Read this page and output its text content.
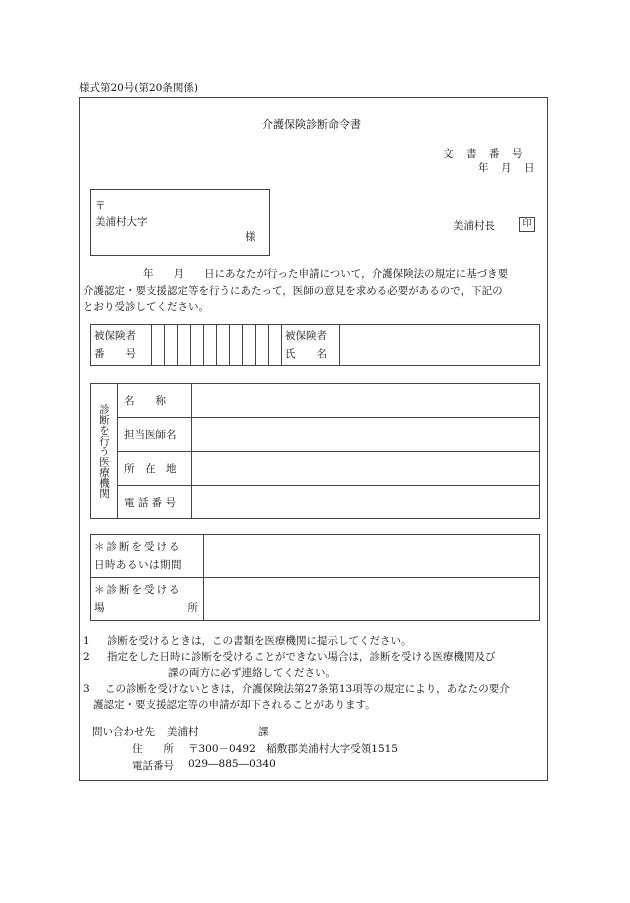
様式第20号(第20条関係)
介護保険診断命令書
文　書　番　号
年　月　日
〒
美浦村大字
様
美浦村長	印
年 月 日にあなたが行った申請について，介護保険法の規定に基づき要
介護認定・要支援認定等を行うにあたって，医師の意見を求める必要があるので，下記の
とおり受診してください。
被保険者
番　　号

被保険者
氏　　名

診断を行う医療機関	名　　称	
	担当医師名	
	所　在　地	
	電 話 番 号	
＊診断を受ける
日時あるいは期間	

＊診断を受ける
場 所	

1	診断を受けるときは，この書類を医療機関に提示してください。
2	指定をした日時に診断を受けることができない場合は，診断を受ける医療機関及び
課の両方に必ず連絡してください。
3	この診断を受けないときは，介護保険法第27条第13項等の規定により，あなたの要介
護認定・要支援認定等の申請が却下されることがあります。
問い合わせ先 美浦村	課
住　　所 〒300－0492　稲敷郡美浦村大字受領1515
電話番号 029―885―0340
